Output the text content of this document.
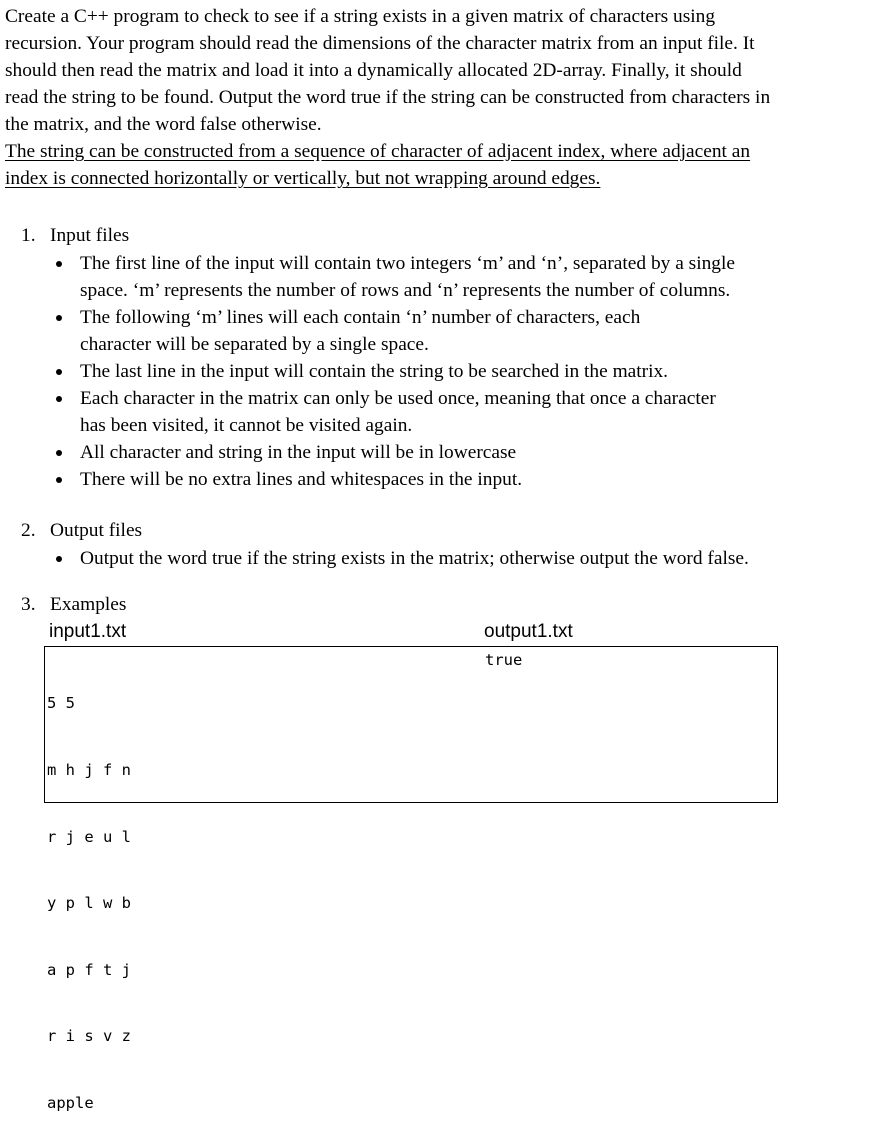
Create a C++ program to check to see if a string exists in a given matrix of characters using
recursion. Your program should read the dimensions of the character matrix from an input file. It
should then read the matrix and load it into a dynamically allocated 2D-array. Finally, it should
read the string to be found. Output the word true if the string can be constructed from characters in
the matrix, and the word false otherwise.
The string can be constructed from a sequence of character of adjacent index, where adjacent an
index is connected horizontally or vertically, but not wrapping around edges.
1. Input files
The first line of the input will contain two integers ‘m’ and ‘n’, separated by a single
space. ‘m’ represents the number of rows and ‘n’ represents the number of columns.
The following ‘m’ lines will each contain ‘n’ number of characters, each
character will be separated by a single space.
The last line in the input will contain the string to be searched in the matrix.
Each character in the matrix can only be used once, meaning that once a character
has been visited, it cannot be visited again.
All character and string in the input will be in lowercase
There will be no extra lines and whitespaces in the input.
2. Output files
Output the word true if the string exists in the matrix; otherwise output the word false.
3. Examples
input1.txt	output1.txt

5 5

m h j f n

r j e u l

y p l w b

a p f t j

r i s v z

apple

true
